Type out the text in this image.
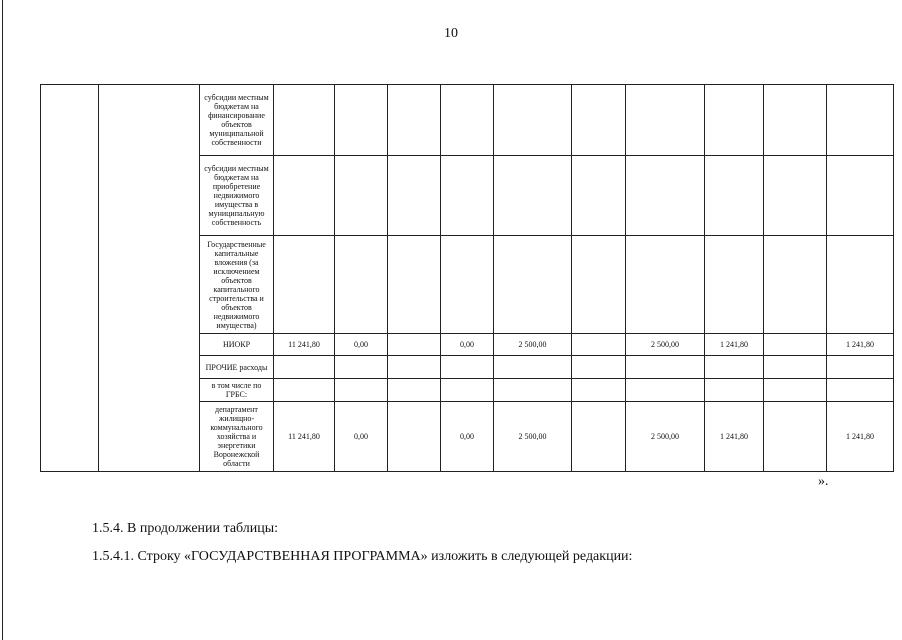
10
		субсидии местным бюджетам на финансирование объектов муниципальной собственности										
		субсидии местным бюджетам на приобретение недвижимого имущества в муниципальную собственность										
		Государственные капитальные вложения (за исключением объектов капитального строительства и объектов недвижимого имущества)										
		НИОКР	11 241,80	0,00		0,00	2 500,00		2 500,00	1 241,80		1 241,80
		ПРОЧИЕ расходы										
		в том числе по ГРБС:										
		департамент жилищно-коммунального хозяйства и энергетики Воронежской области	11 241,80	0,00		0,00	2 500,00		2 500,00	1 241,80		1 241,80
».
1.5.4. В продолжении таблицы:
1.5.4.1. Строку «ГОСУДАРСТВЕННАЯ ПРОГРАММА» изложить в следующей редакции:
